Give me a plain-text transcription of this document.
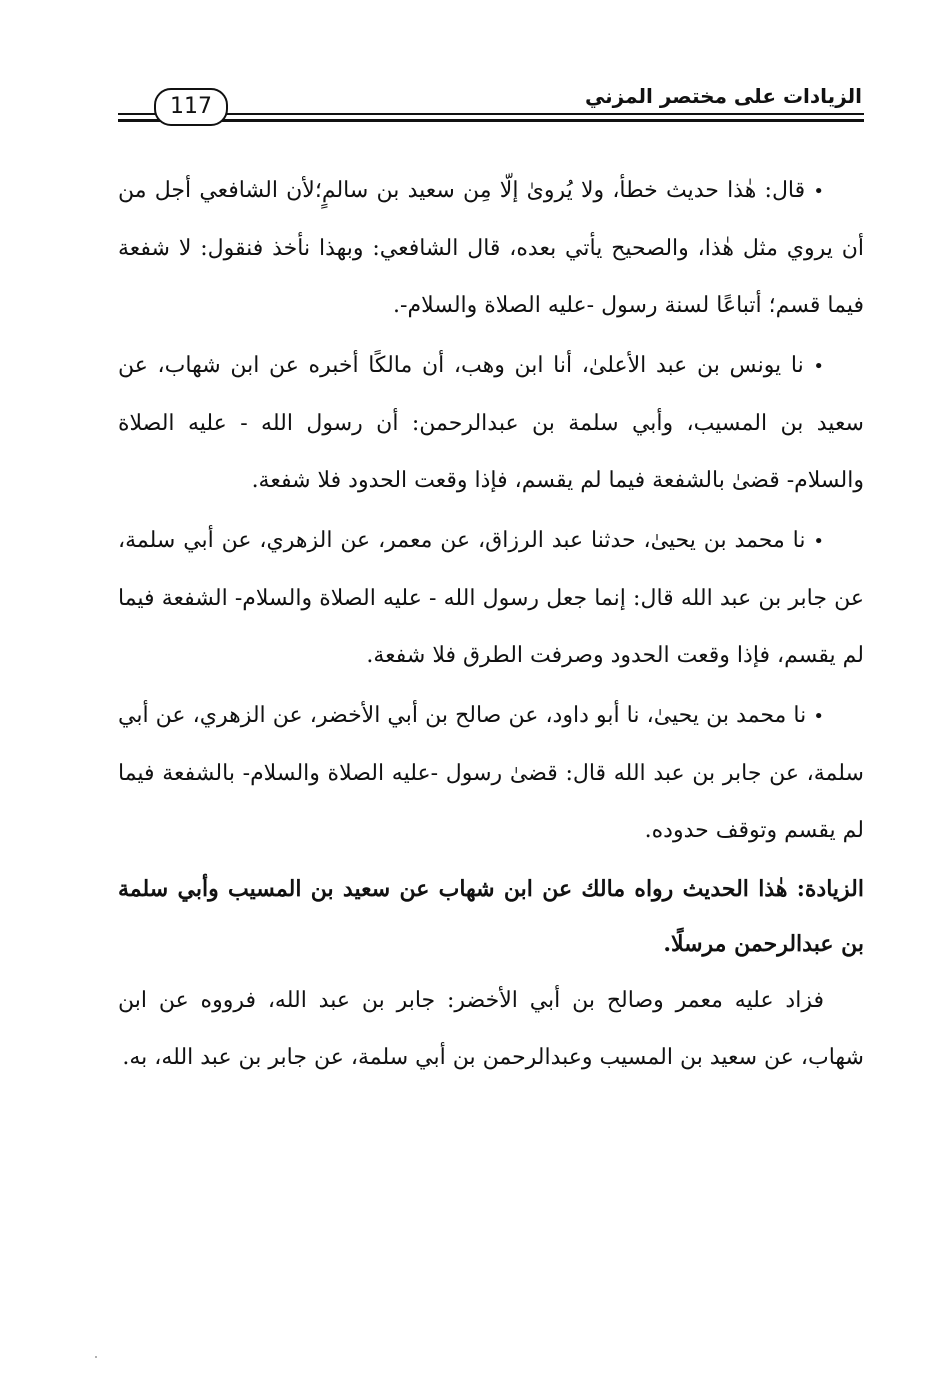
117	الزيادات على مختصر المزني

• قال: هٰذا حديث خطأ، ولا يُروىٰ إلّا مِن سعيد بن سالمٍ؛لأن الشافعي أجل من أن يروي مثل هٰذا، والصحيح يأتي بعده، قال الشافعي: وبهذا نأخذ فنقول: لا شفعة فيما قسم؛ أتباعًا لسنة رسول -عليه الصلاة والسلام-.

• نا يونس بن عبد الأعلىٰ، أنا ابن وهب، أن مالكًا أخبره عن ابن شهاب، عن سعيد بن المسيب، وأبي سلمة بن عبدالرحمن: أن رسول الله - عليه الصلاة والسلام- قضىٰ بالشفعة فيما لم يقسم، فإذا وقعت الحدود فلا شفعة.

• نا محمد بن يحيىٰ، حدثنا عبد الرزاق، عن معمر، عن الزهري، عن أبي سلمة، عن جابر بن عبد الله قال: إنما جعل رسول الله - عليه الصلاة والسلام- الشفعة فيما لم يقسم، فإذا وقعت الحدود وصرفت الطرق فلا شفعة.

• نا محمد بن يحيىٰ، نا أبو داود، عن صالح بن أبي الأخضر، عن الزهري، عن أبي سلمة، عن جابر بن عبد الله قال: قضىٰ رسول -عليه الصلاة والسلام- بالشفعة فيما لم يقسم وتوقف حدوده.

الزيادة: هٰذا الحديث رواه مالك عن ابن شهاب عن سعيد بن المسيب وأبي سلمة بن عبدالرحمن مرسلًا.

فزاد عليه معمر وصالح بن أبي الأخضر: جابر بن عبد الله، فرووه عن ابن شهاب، عن سعيد بن المسيب وعبدالرحمن بن أبي سلمة، عن جابر بن عبد الله، به.
